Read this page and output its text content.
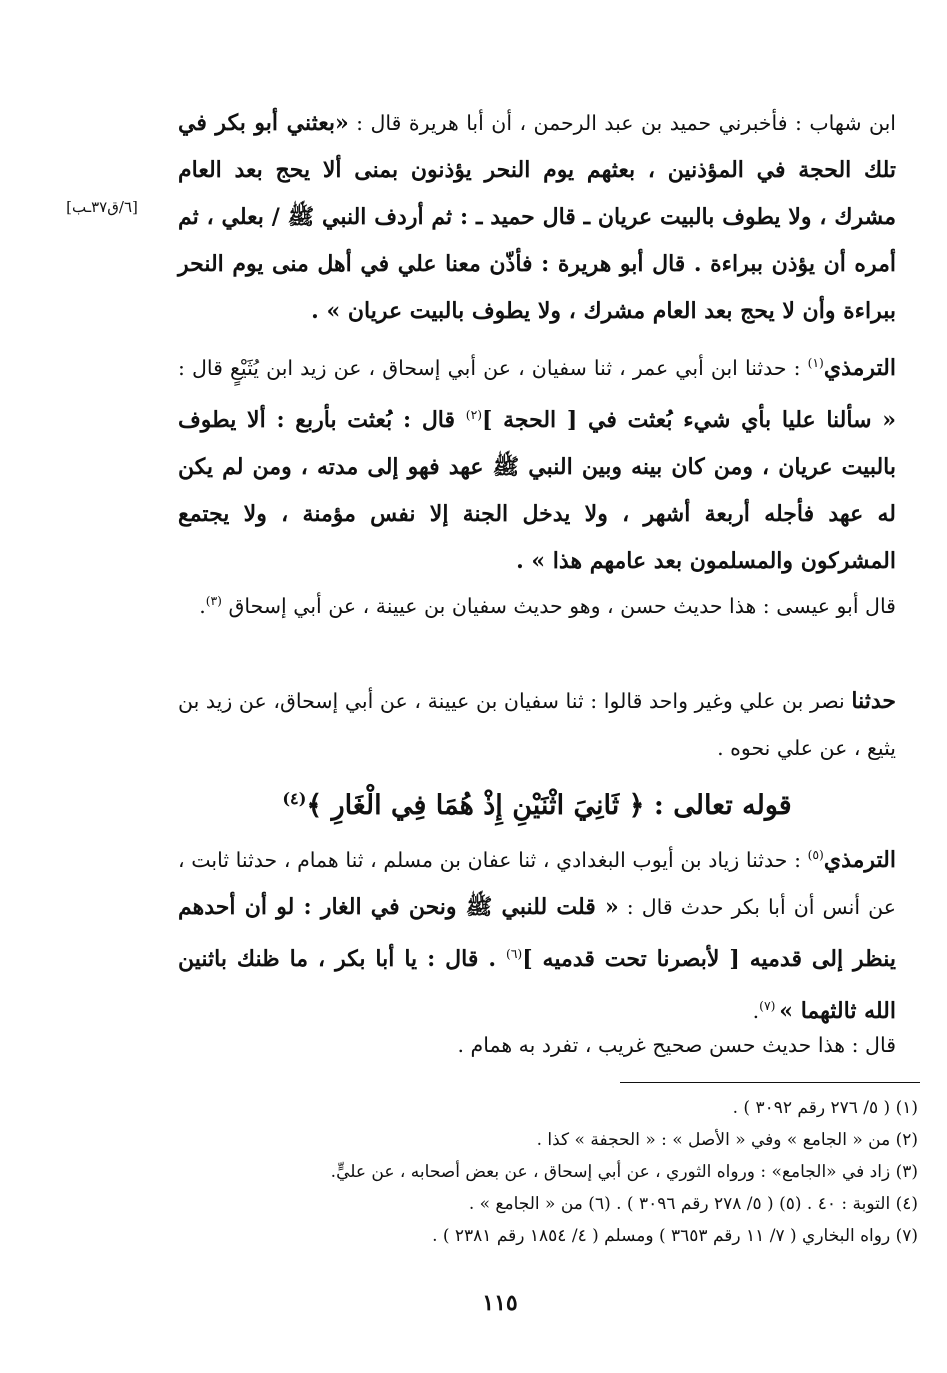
ابن شهاب : فأخبرني حميد بن عبد الرحمن ، أن أبا هريرة قال : «بعثني أبو بكر في تلك الحجة في المؤذنين ، بعثهم يوم النحر يؤذنون بمنى ألا يحج بعد العام مشرك ، ولا يطوف بالبيت عريان ـ قال حميد ـ : ثم أردف النبي ﷺ / بعلي ، ثم أمره أن يؤذن ببراءة . قال أبو هريرة : فأذّن معنا علي في أهل منى يوم النحر ببراءة وأن لا يحج بعد العام مشرك ، ولا يطوف بالبيت عريان » .

[٦/ق٣٧ـب]

الترمذي$^{(١)}$ : حدثنا ابن أبي عمر ، ثنا سفيان ، عن أبي إسحاق ، عن زيد ابن يُثَيْعٍ قال : « سألنا عليا بأي شيء بُعثت في [ الحجة ]$^{(٢)}$ قال : بُعثت بأربع : ألا يطوف بالبيت عريان ، ومن كان بينه وبين النبي ﷺ عهد فهو إلى مدته ، ومن لم يكن له عهد فأجله أربعة أشهر ، ولا يدخل الجنة إلا نفس مؤمنة ، ولا يجتمع المشركون والمسلمون بعد عامهم هذا » .

قال أبو عيسى : هذا حديث حسن ، وهو حديث سفيان بن عيينة ، عن أبي إسحاق $^{(٣)}$.

حدثنا نصر بن علي وغير واحد قالوا : ثنا سفيان بن عيينة ، عن أبي إسحاق، عن زيد بن يثيع ، عن علي نحوه .

قوله تعالى : ﴿ ثَانِيَ اثْنَيْنِ إِذْ هُمَا فِي الْغَارِ ﴾$^{(٤)}$

الترمذي$^{(٥)}$ : حدثنا زياد بن أيوب البغدادي ، ثنا عفان بن مسلم ، ثنا همام ، حدثنا ثابت ، عن أنس أن أبا بكر حدث قال : « قلت للنبي ﷺ ونحن في الغار : لو أن أحدهم ينظر إلى قدميه [ لأبصرنا تحت قدميه ]$^{(٦)}$ . قال : يا أبا بكر ، ما ظنك باثنين الله ثالثهما » $^{(٧)}$.

قال : هذا حديث حسن صحيح غريب ، تفرد به همام .

(١) ( ٥/ ٢٧٦ رقم ٣٠٩٢ ) .

(٢) من « الجامع » وفي « الأصل » : « الحجفة » كذا .

(٣) زاد في «الجامع» : ورواه الثوري ، عن أبي إسحاق ، عن بعض أصحابه ، عن عليٍّ.

(٤) التوبة : ٤٠ . (٥) ( ٥/ ٢٧٨ رقم ٣٠٩٦ ) . (٦) من « الجامع » .

(٧) رواه البخاري ( ٧/ ١١ رقم ٣٦٥٣ ) ومسلم ( ٤/ ١٨٥٤ رقم ٢٣٨١ ) .

١١٥
